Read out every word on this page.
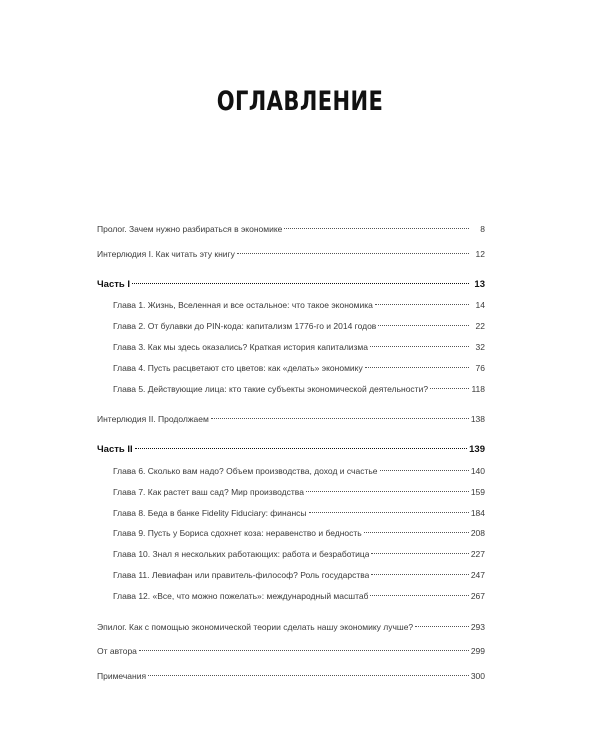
ОГЛАВЛЕНИЕ
Пролог. Зачем нужно разбираться в экономике	8
Интерлюдия I. Как читать эту книгу	12
Часть I	13
Глава 1. Жизнь, Вселенная и все остальное: что такое экономика	14
Глава 2. От булавки до PIN-кода: капитализм 1776-го и 2014 годов	22
Глава 3. Как мы здесь оказались? Краткая история капитализма	32
Глава 4. Пусть расцветают сто цветов: как «делать» экономику	76
Глава 5. Действующие лица: кто такие субъекты экономической деятельности?	118
Интерлюдия II. Продолжаем	138
Часть II	139
Глава 6. Сколько вам надо? Объем производства, доход и счастье	140
Глава 7. Как растет ваш сад? Мир производства	159
Глава 8. Беда в банке Fidelity Fiduciary: финансы	184
Глава 9. Пусть у Бориса сдохнет коза: неравенство и бедность	208
Глава 10. Знал я нескольких работающих: работа и безработица	227
Глава 11. Левиафан или правитель-философ? Роль государства	247
Глава 12. «Все, что можно пожелать»: международный масштаб	267
Эпилог. Как с помощью экономической теории сделать нашу экономику лучше?	293
От автора	299
Примечания	300
